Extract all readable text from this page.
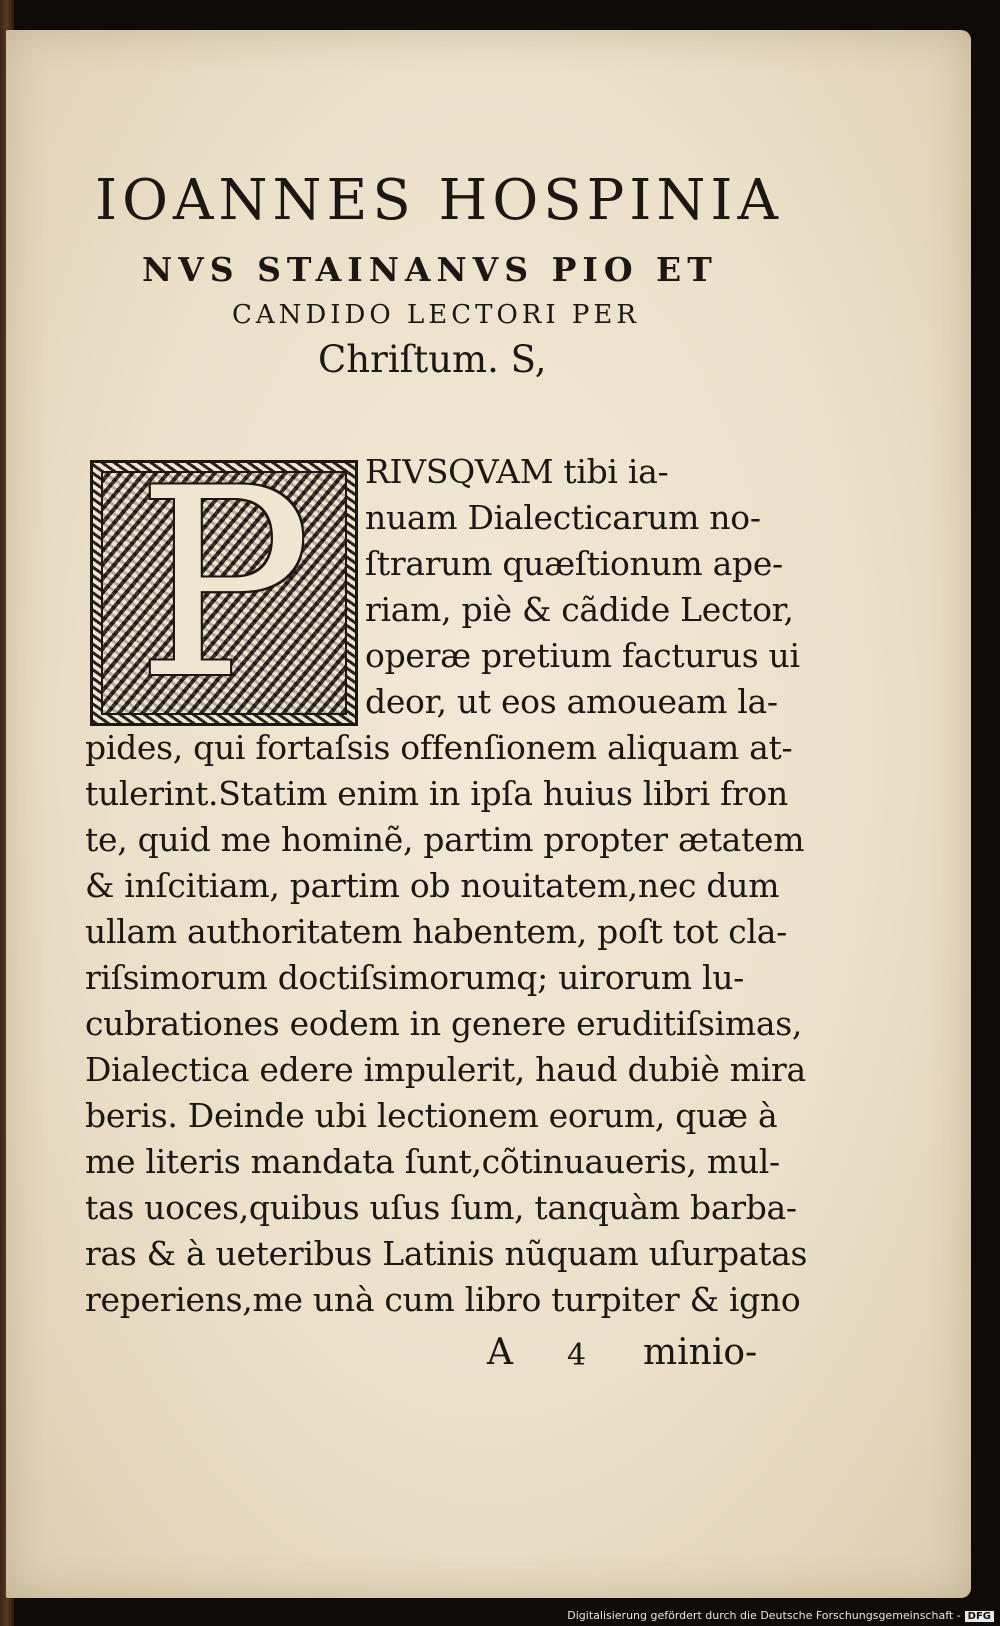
IOANNES HOSPINIA
NVS STAINANVS PIO ET
CANDIDO LECTORI PER
Chriſtum. S,
P	RIVSQVAM tibi ia-
nuam Dialecticarum no-
ſtrarum quæſtionum ape-
riam, piè & cãdide Lector,
operæ pretium facturus ui
deor, ut eos amoueam la-
pides, qui fortaſsis offenſionem aliquam at-
tulerint.Statim enim in ipſa huius libri fron
te, quid me hominẽ, partim propter ætatem
& inſcitiam, partim ob nouitatem,nec dum
ullam authoritatem habentem, poſt tot cla-
riſsimorum doctiſsimorumq; uirorum lu-
cubrationes eodem in genere eruditiſsimas,
Dialectica edere impulerit, haud dubiè mira
beris. Deinde ubi lectionem eorum, quæ à
me literis mandata ſunt,cõtinuaueris, mul-
tas uoces,quibus uſus ſum, tanquàm barba-
ras & à ueteribus Latinis nũquam uſurpatas
reperiens,me unà cum libro turpiter & igno
A 4 minio-
Digitalisierung gefördert durch die Deutsche Forschungsgemeinschaft - DFG
